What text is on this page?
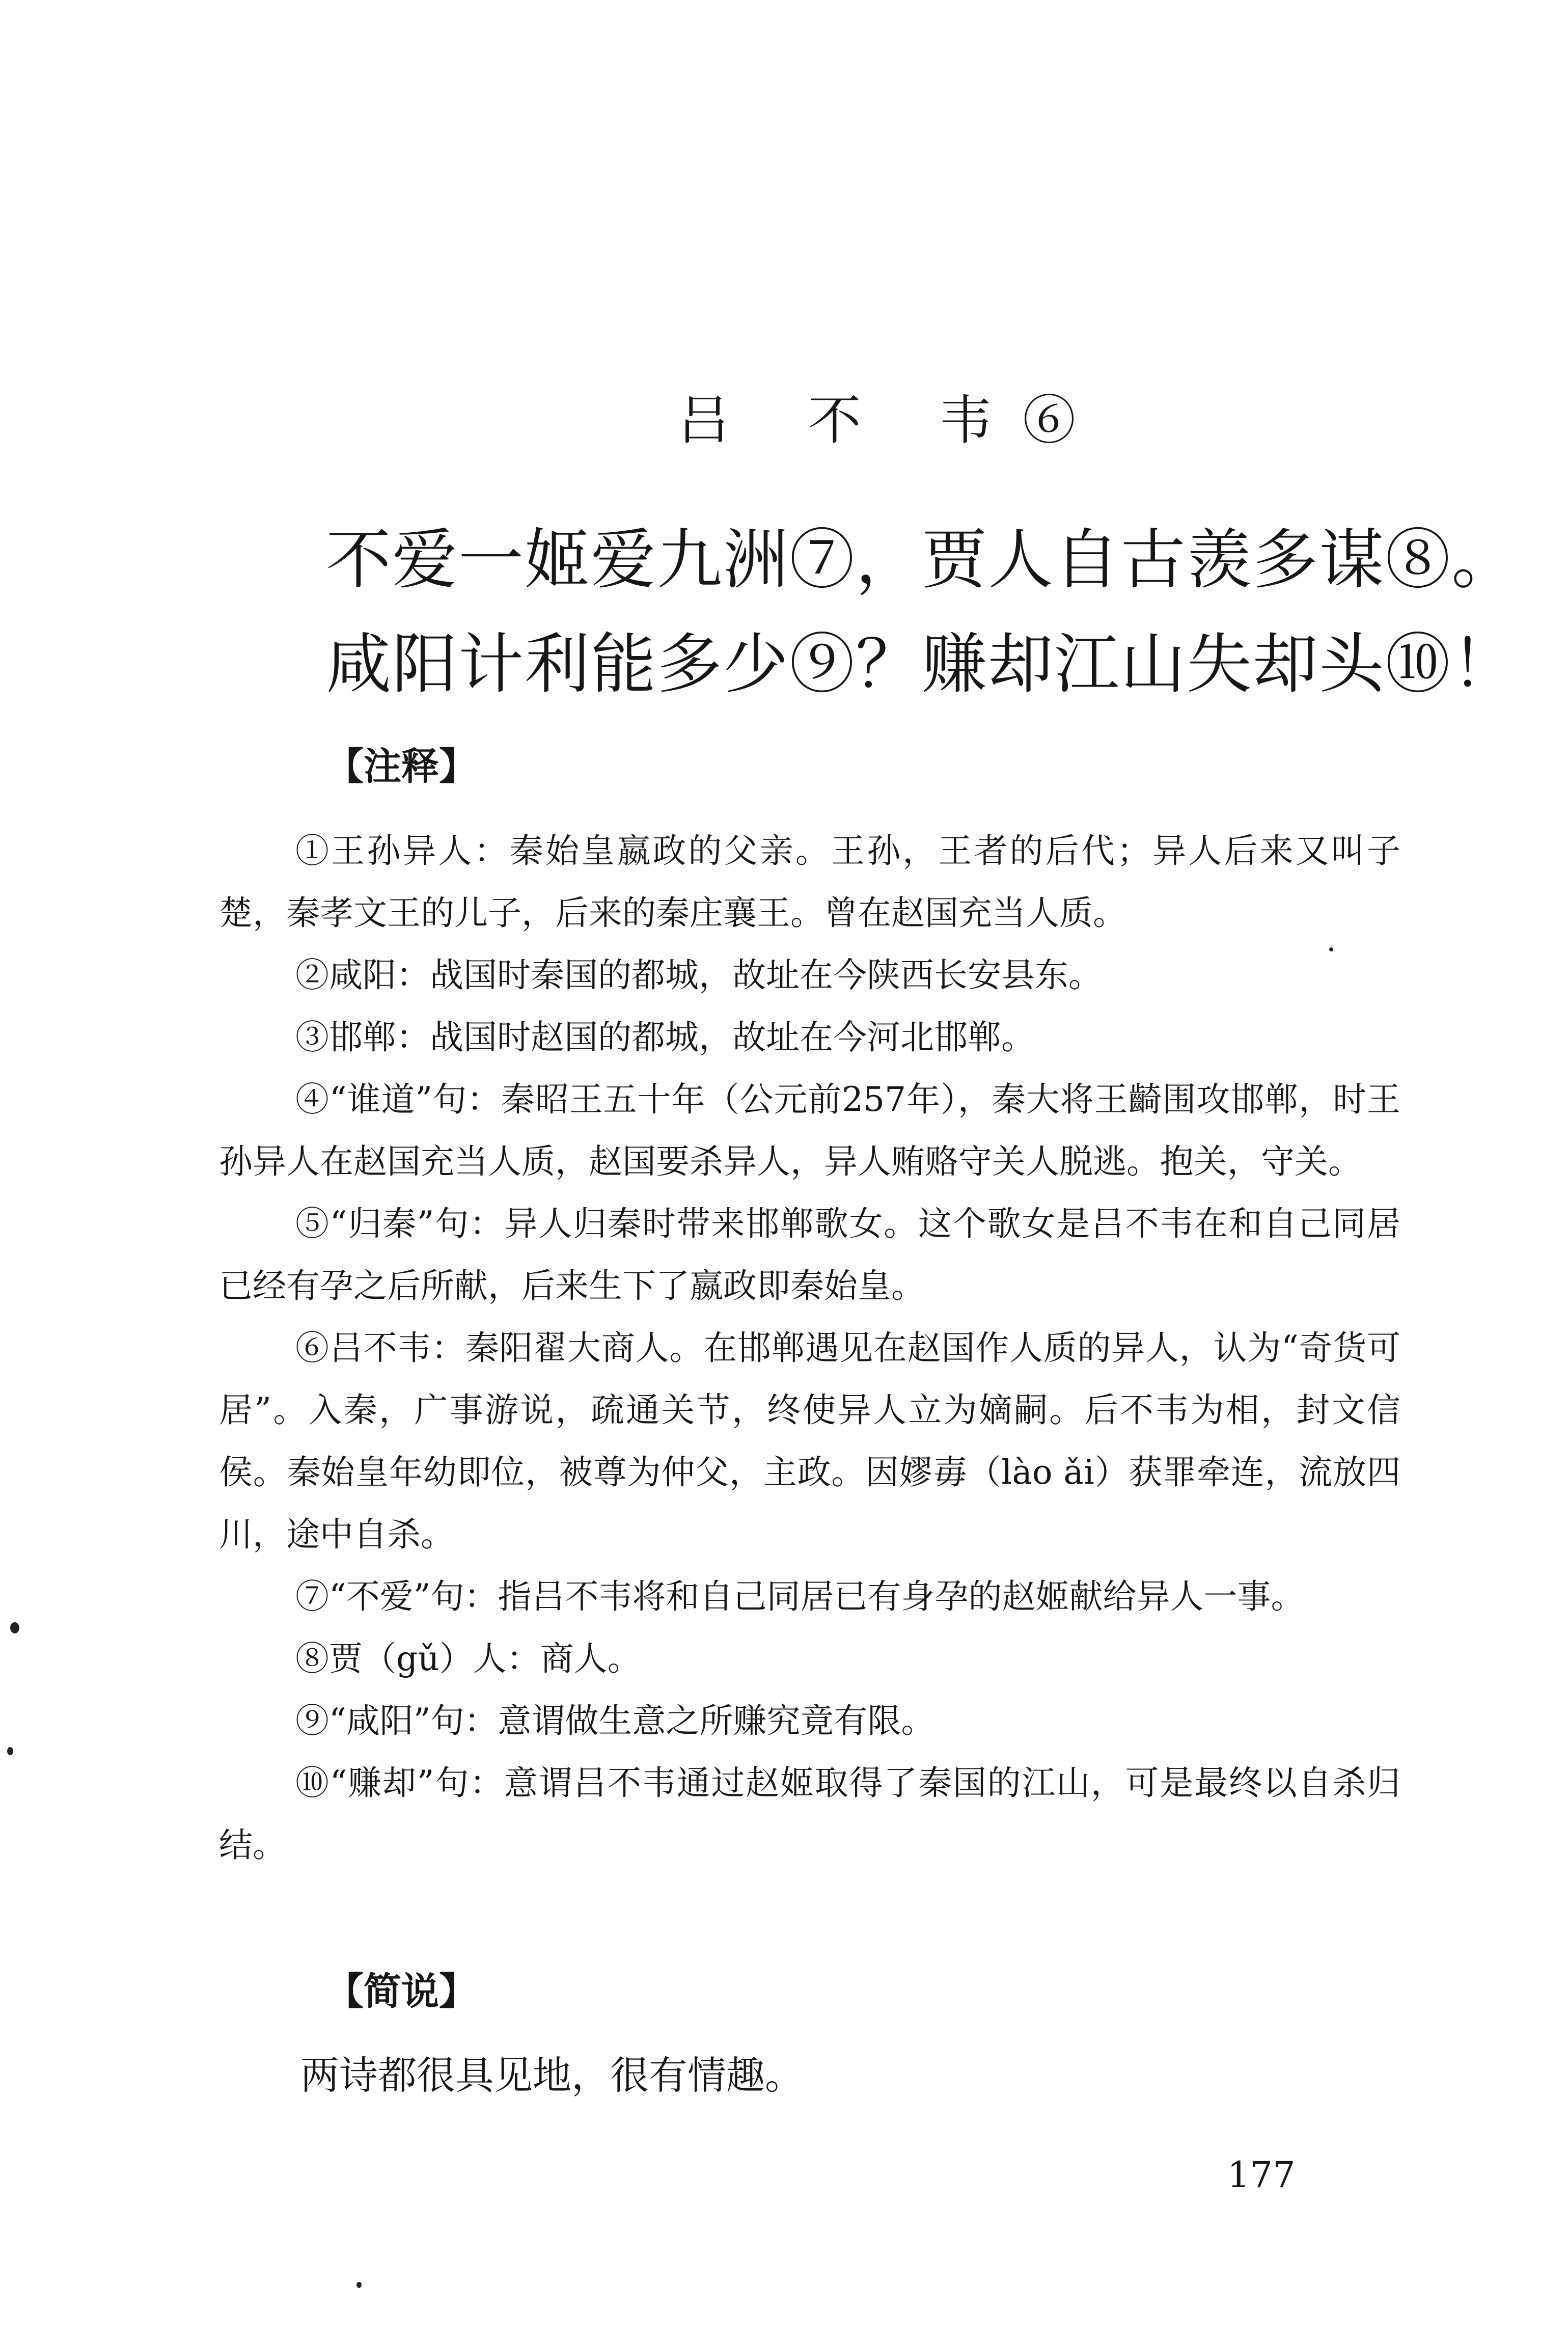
吕 不 韦⑥
不爱一姬爱九洲⑦，贾人自古羡多谋⑧。
咸阳计利能多少⑨？赚却江山失却头⑩！
【注释】

①王孙异人：秦始皇嬴政的父亲。王孙，王者的后代；异人后来又叫子楚，秦孝文王的儿子，后来的秦庄襄王。曾在赵国充当人质。

②咸阳：战国时秦国的都城，故址在今陕西长安县东。

③邯郸：战国时赵国的都城，故址在今河北邯郸。

④“谁道”句：秦昭王五十年（公元前257年），秦大将王齮围攻邯郸，时王孙异人在赵国充当人质，赵国要杀异人，异人贿赂守关人脱逃。抱关，守关。

⑤“归秦”句：异人归秦时带来邯郸歌女。这个歌女是吕不韦在和自己同居已经有孕之后所献，后来生下了嬴政即秦始皇。

⑥吕不韦：秦阳翟大商人。在邯郸遇见在赵国作人质的异人，认为“奇货可居”。入秦，广事游说，疏通关节，终使异人立为嫡嗣。后不韦为相，封文信侯。秦始皇年幼即位，被尊为仲父，主政。因嫪毐（lào ǎi）获罪牵连，流放四川，途中自杀。

⑦“不爱”句：指吕不韦将和自己同居已有身孕的赵姬献给异人一事。

⑧贾（gǔ）人：商人。

⑨“咸阳”句：意谓做生意之所赚究竟有限。

⑩“赚却”句：意谓吕不韦通过赵姬取得了秦国的江山，可是最终以自杀归结。

【简说】
两诗都很具见地，很有情趣。
177
